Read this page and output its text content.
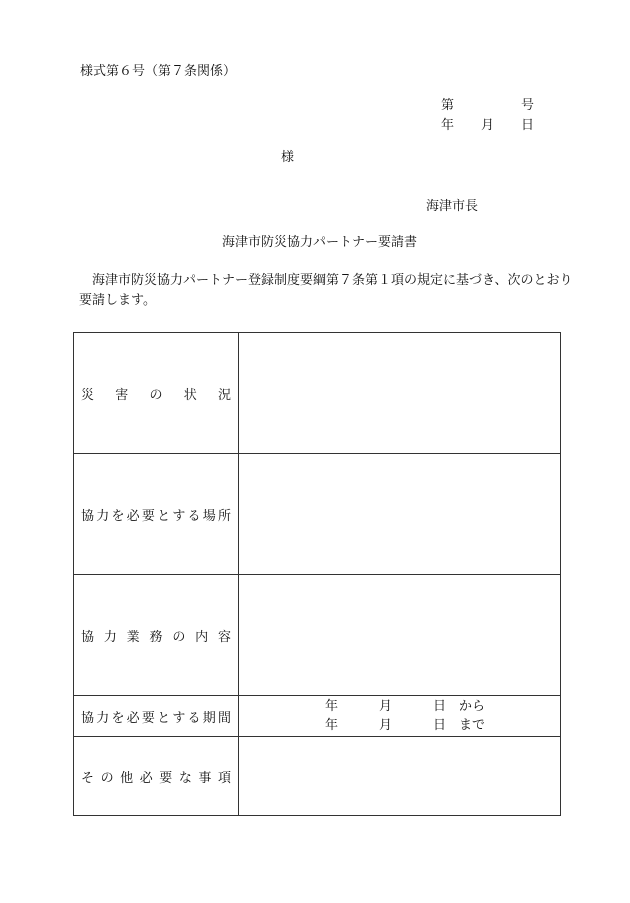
様式第６号（第７条関係）
第	号
年 月 日
様
海津市長
海津市防災協力パートナー要請書
海津市防災協力パートナー登録制度要綱第７条第１項の規定に基づき、次のとおり要請します。
災 害 の 状 況
協 力 を 必 要 と す る 場 所
協 力 業 務 の 内 容
協 力 を 必 要 と す る 期 間
年	月	日 から
年	月	日 まで
そ の 他 必 要 な 事 項
